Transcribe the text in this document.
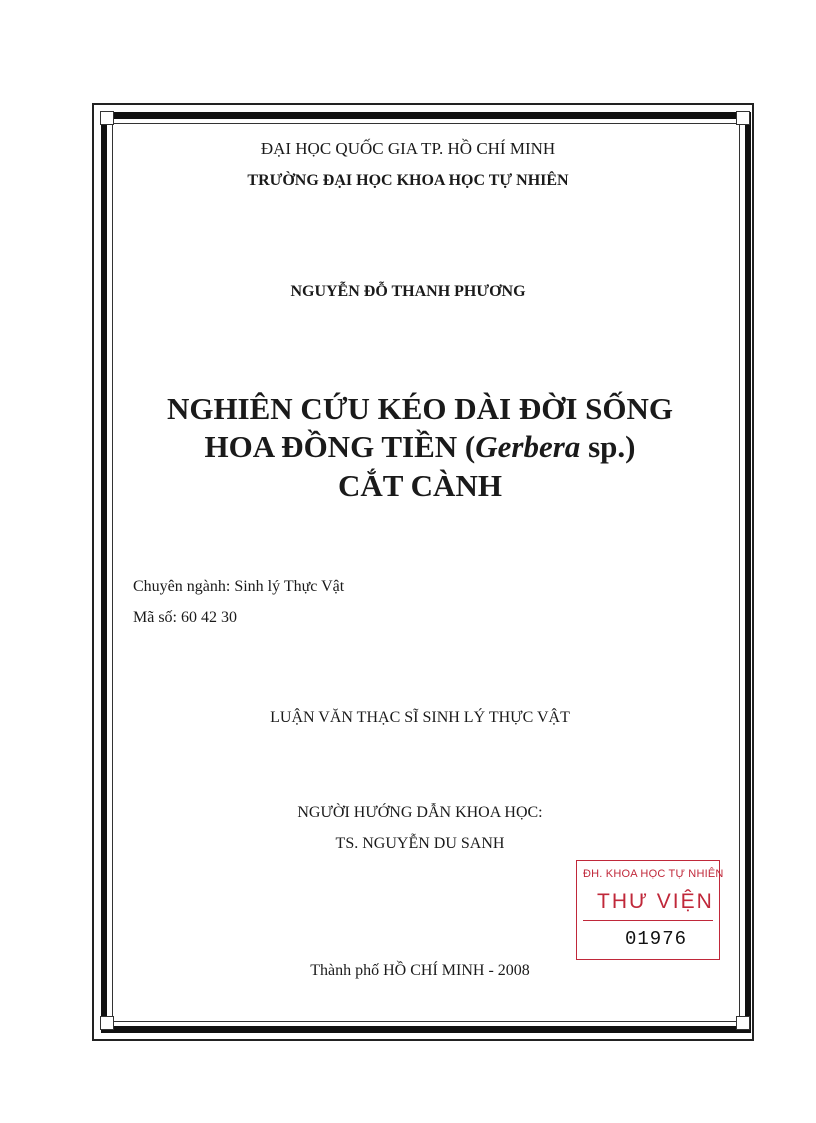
ĐẠI HỌC QUỐC GIA TP. HỒ CHÍ MINH
TRƯỜNG ĐẠI HỌC KHOA HỌC TỰ NHIÊN
NGUYỄN ĐỖ THANH PHƯƠNG
NGHIÊN CỨU KÉO DÀI ĐỜI SỐNG
HOA ĐỒNG TIỀN (Gerbera sp.)
CẮT CÀNH
Chuyên ngành: Sinh lý Thực Vật
Mã số: 60 42 30
LUẬN VĂN THẠC SĨ SINH LÝ THỰC VẬT
NGƯỜI HƯỚNG DẪN KHOA HỌC:
TS. NGUYỄN DU SANH
Thành phố HỒ CHÍ MINH - 2008
ĐH. KHOA HỌC TỰ NHIÊN
THƯ VIỆN
01976
